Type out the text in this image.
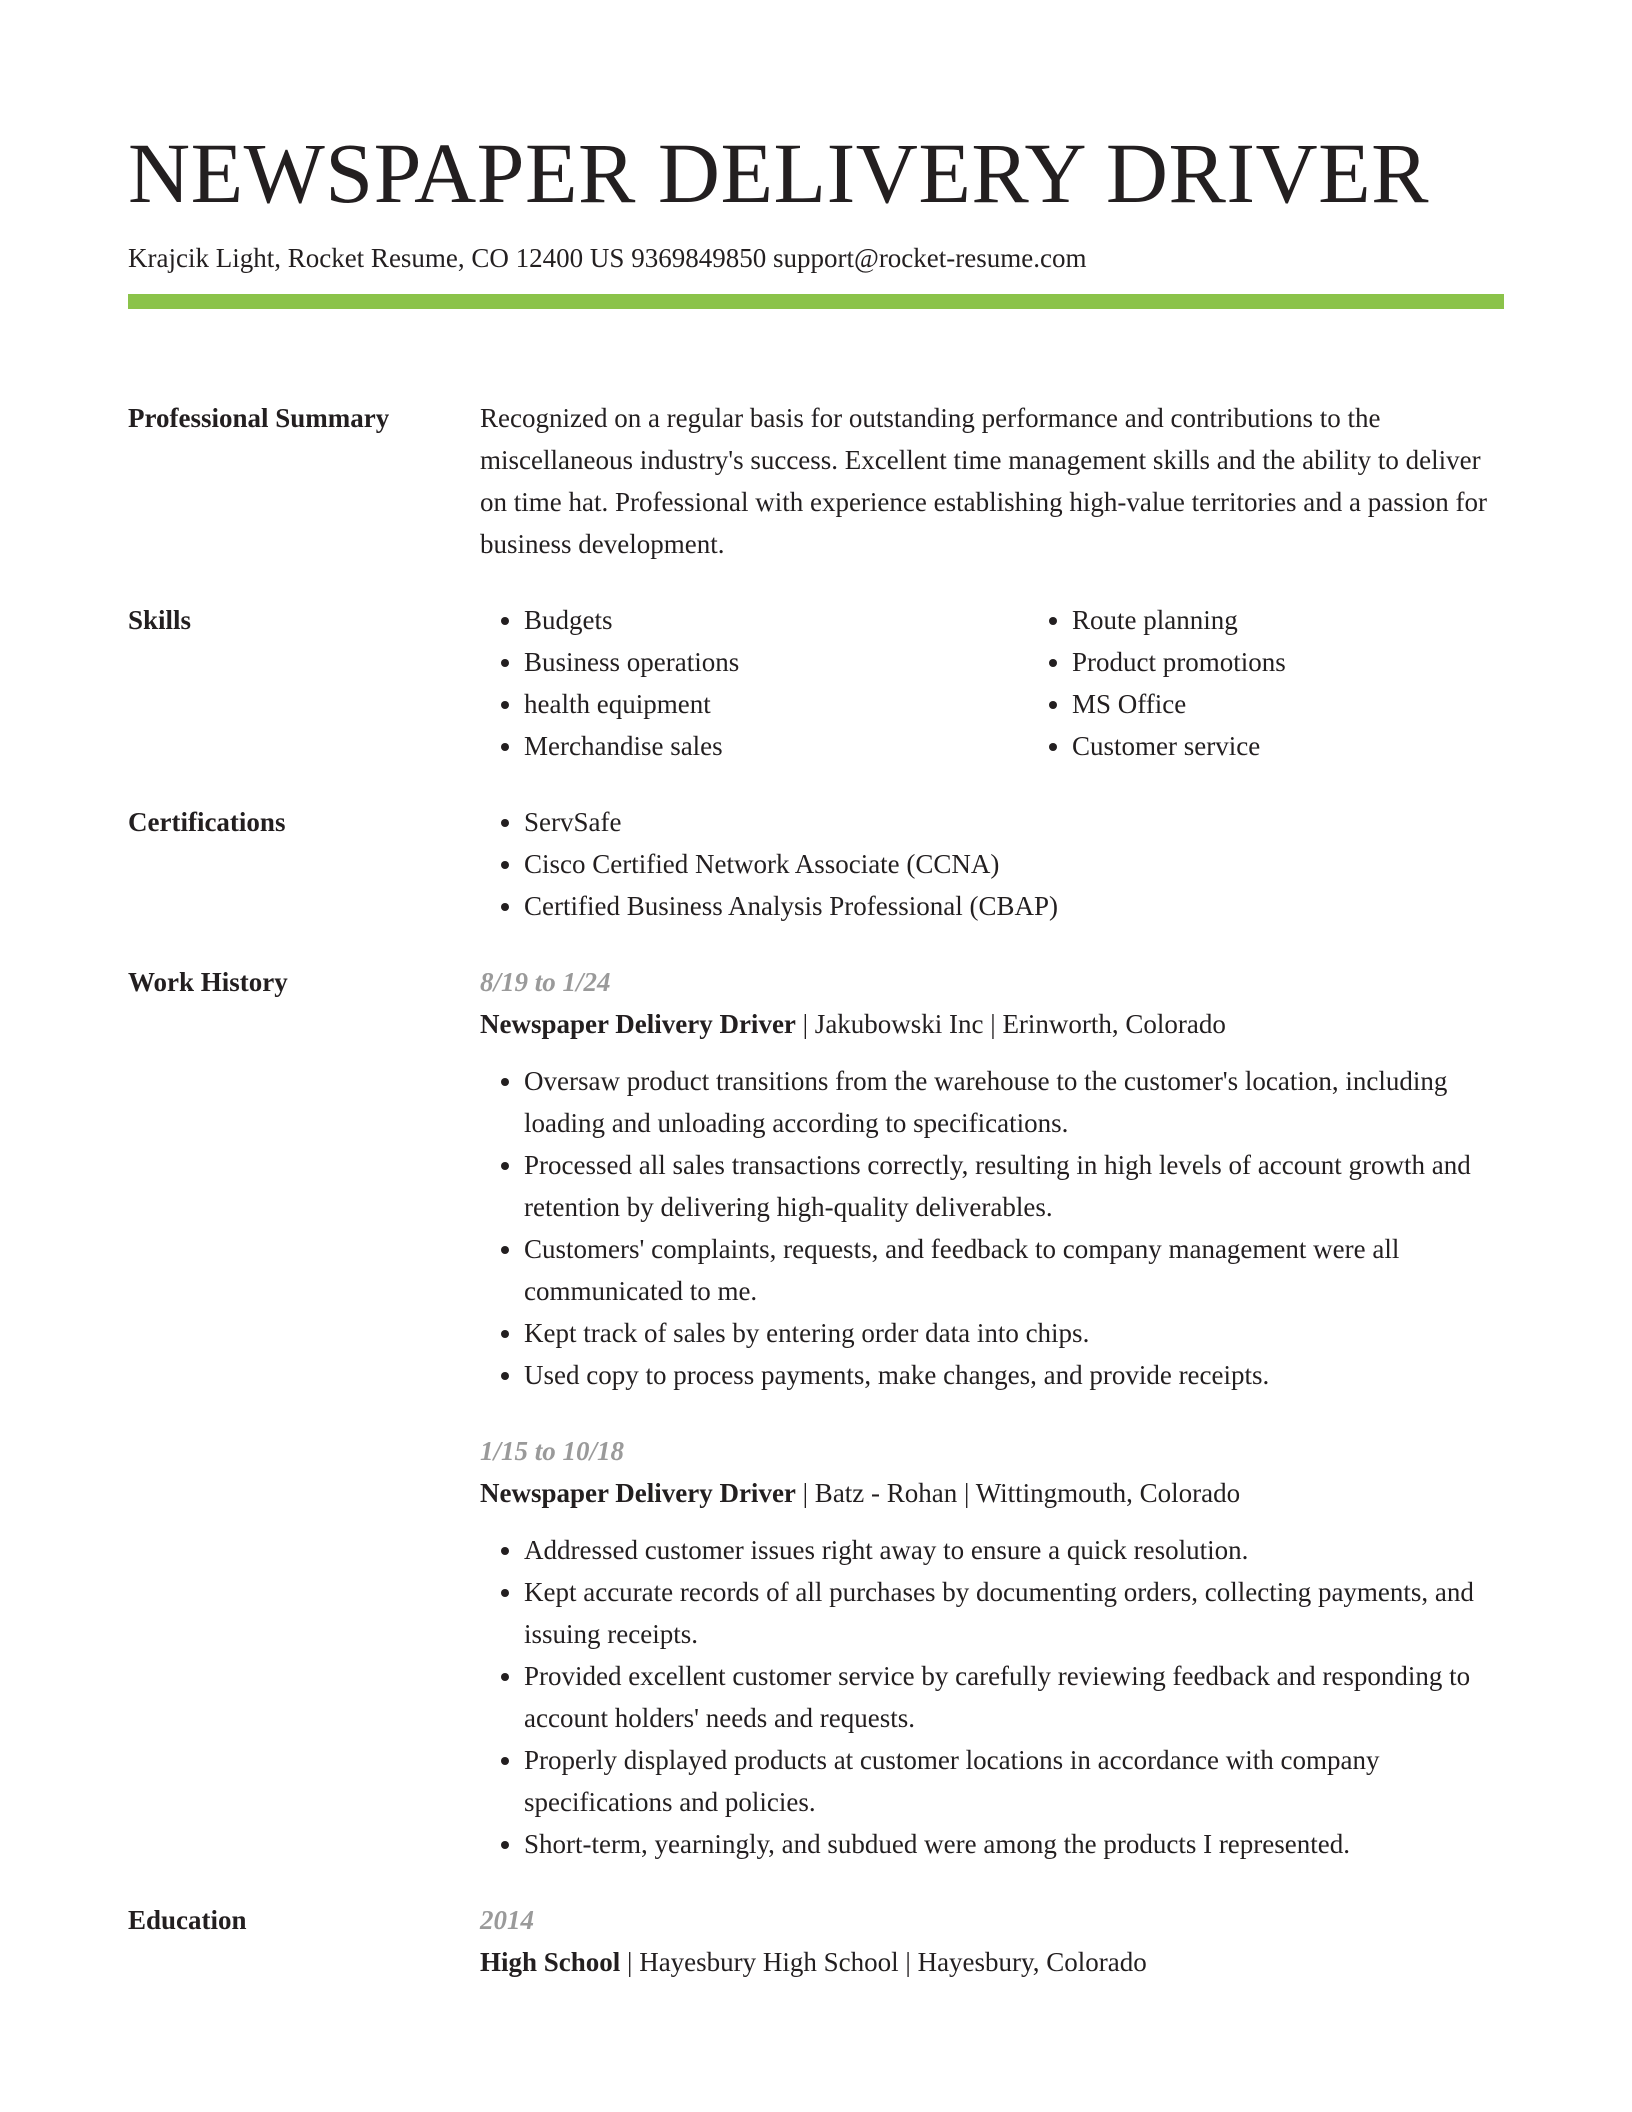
NEWSPAPER DELIVERY DRIVER
Krajcik Light, Rocket Resume, CO 12400 US 9369849850 support@rocket-resume.com
Professional Summary	Recognized on a regular basis for outstanding performance and contributions to the miscellaneous industry's success. Excellent time management skills and the ability to deliver on time hat. Professional with experience establishing high-value territories and a passion for business development.

Skills	• Budgets
• Business operations
• health equipment
• Merchandise sales
• Route planning
• Product promotions
• MS Office
• Customer service
Certifications	• ServSafe
• Cisco Certified Network Associate (CCNA)
• Certified Business Analysis Professional (CBAP)
Work History	8/19 to 1/24
Newspaper Delivery Driver | Jakubowski Inc | Erinworth, Colorado
• Oversaw product transitions from the warehouse to the customer's location, including loading and unloading according to specifications.
• Processed all sales transactions correctly, resulting in high levels of account growth and retention by delivering high-quality deliverables.
• Customers' complaints, requests, and feedback to company management were all communicated to me.
• Kept track of sales by entering order data into chips.
• Used copy to process payments, make changes, and provide receipts.
1/15 to 10/18
Newspaper Delivery Driver | Batz - Rohan | Wittingmouth, Colorado
• Addressed customer issues right away to ensure a quick resolution.
• Kept accurate records of all purchases by documenting orders, collecting payments, and issuing receipts.
• Provided excellent customer service by carefully reviewing feedback and responding to account holders' needs and requests.
• Properly displayed products at customer locations in accordance with company specifications and policies.
• Short-term, yearningly, and subdued were among the products I represented.
Education	2014
High School | Hayesbury High School | Hayesbury, Colorado
